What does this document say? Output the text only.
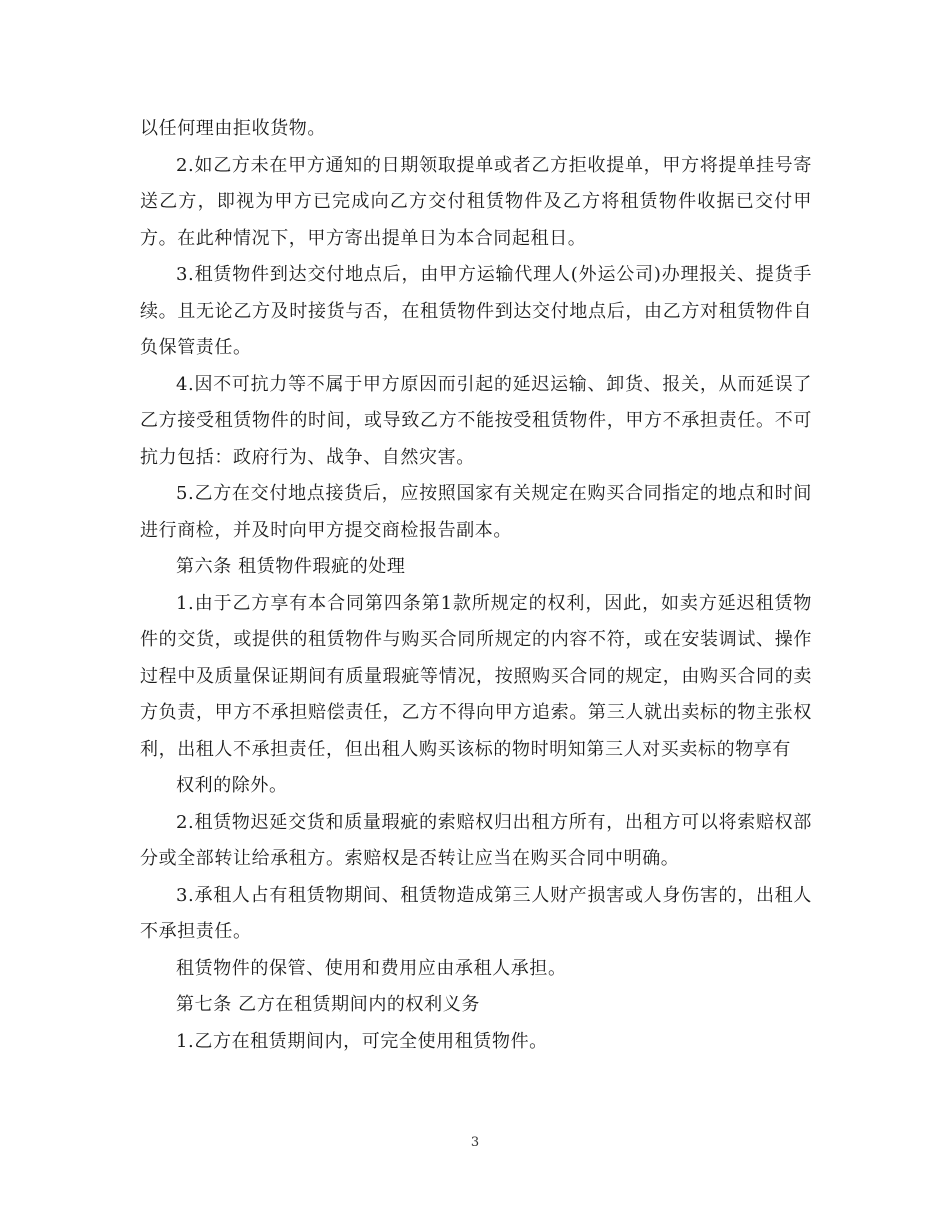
以任何理由拒收货物。

2.如乙方未在甲方通知的日期领取提单或者乙方拒收提单，甲方将提单挂号寄送乙方，即视为甲方已完成向乙方交付租赁物件及乙方将租赁物件收据已交付甲方。在此种情况下，甲方寄出提单日为本合同起租日。

3.租赁物件到达交付地点后，由甲方运输代理人(外运公司)办理报关、提货手续。且无论乙方及时接货与否，在租赁物件到达交付地点后，由乙方对租赁物件自负保管责任。

4.因不可抗力等不属于甲方原因而引起的延迟运输、卸货、报关，从而延误了乙方接受租赁物件的时间，或导致乙方不能按受租赁物件，甲方不承担责任。不可抗力包括：政府行为、战争、自然灾害。

5.乙方在交付地点接货后，应按照国家有关规定在购买合同指定的地点和时间进行商检，并及时向甲方提交商检报告副本。

第六条 租赁物件瑕疵的处理

1.由于乙方享有本合同第四条第1款所规定的权利，因此，如卖方延迟租赁物件的交货，或提供的租赁物件与购买合同所规定的内容不符，或在安装调试、操作过程中及质量保证期间有质量瑕疵等情况，按照购买合同的规定，由购买合同的卖方负责，甲方不承担赔偿责任，乙方不得向甲方追索。第三人就出卖标的物主张权利，出租人不承担责任，但出租人购买该标的物时明知第三人对买卖标的物享有

权利的除外。

2.租赁物迟延交货和质量瑕疵的索赔权归出租方所有，出租方可以将索赔权部分或全部转让给承租方。索赔权是否转让应当在购买合同中明确。

3.承租人占有租赁物期间、租赁物造成第三人财产损害或人身伤害的，出租人不承担责任。

租赁物件的保管、使用和费用应由承租人承担。

第七条 乙方在租赁期间内的权利义务

1.乙方在租赁期间内，可完全使用租赁物件。

3
